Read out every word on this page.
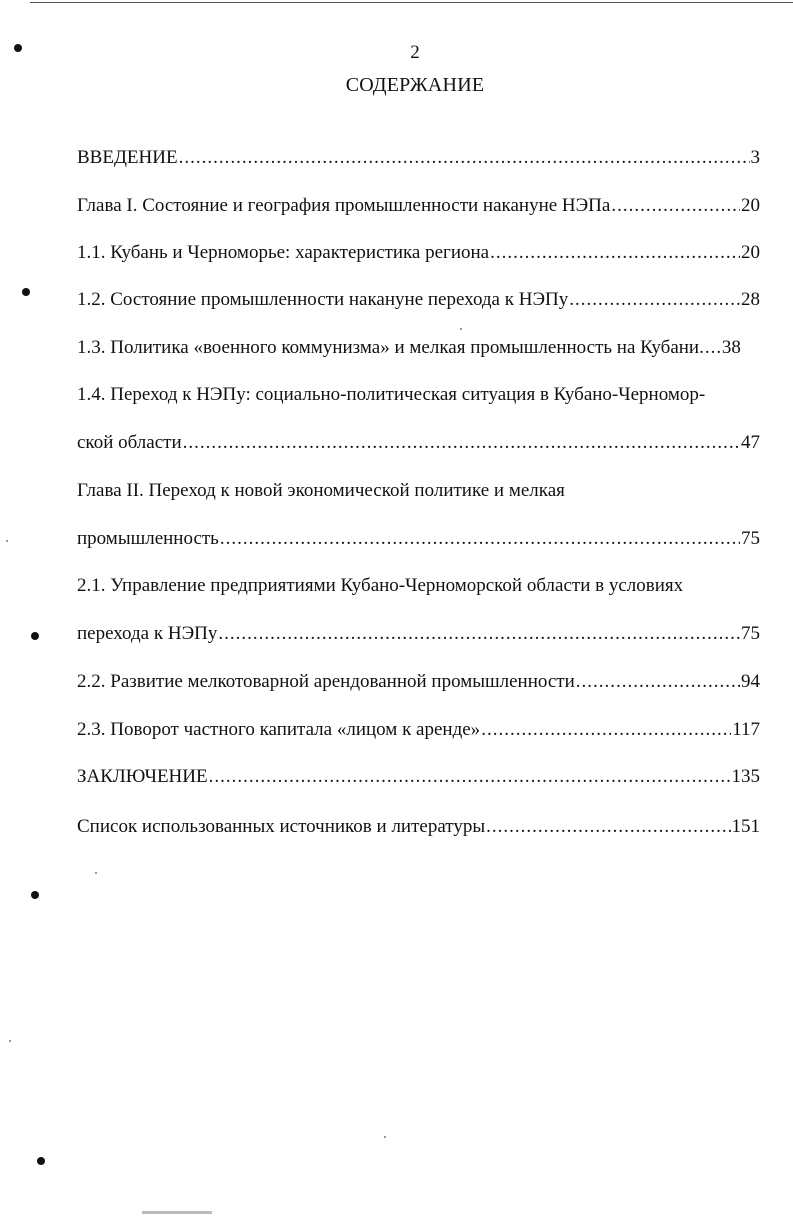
2
СОДЕРЖАНИЕ
ВВЕДЕНИЕ .....	3
Глава I. Состояние и география промышленности накануне НЭПа .....	20
1.1. Кубань и Черноморье: характеристика региона .....	20
1.2. Состояние промышленности накануне перехода к НЭПу .....	28
1.3. Политика «военного коммунизма» и мелкая промышленность на Кубани. ..... 38
1.4. Переход к НЭПу: социально-политическая ситуация в Кубано-Черномор-
ской области .....	47
Глава II. Переход к новой экономической политике и мелкая
промышленность .....	75
2.1. Управление предприятиями Кубано-Черноморской области в условиях
перехода к НЭПу .....	75
2.2. Развитие мелкотоварной арендованной промышленности .....	94
2.3. Поворот частного капитала «лицом к аренде» .....	117
ЗАКЛЮЧЕНИЕ .....	135
Список использованных источников и литературы .....	151
